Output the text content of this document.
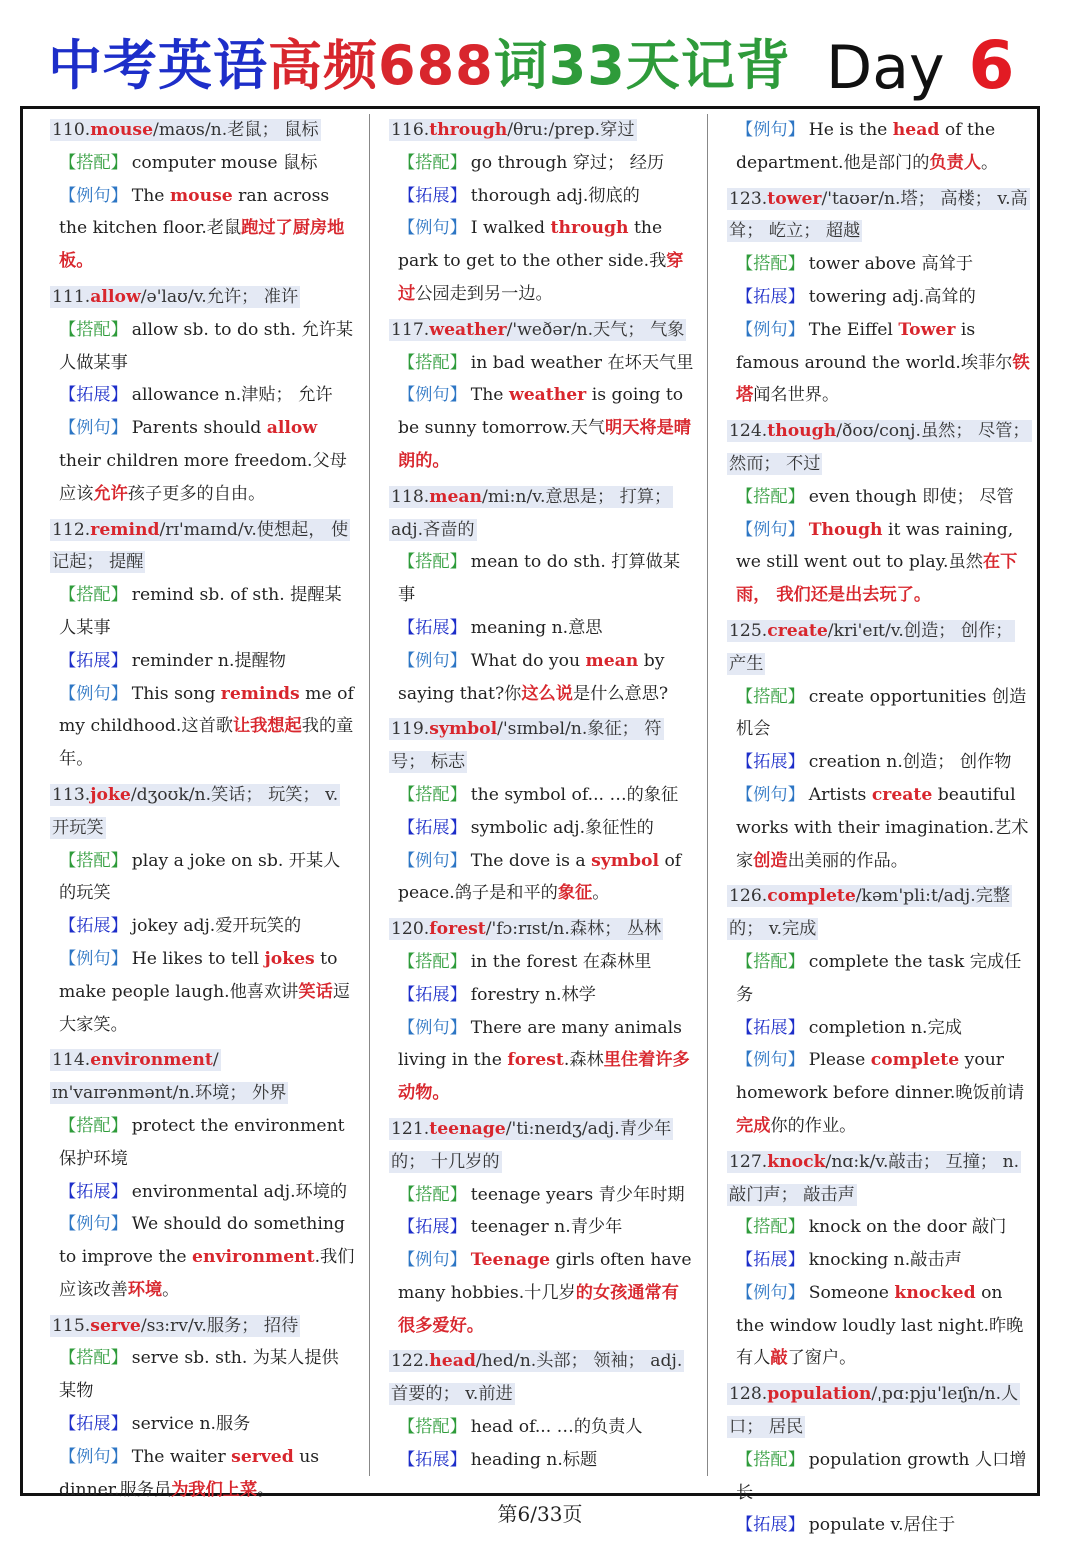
中考英语高频688词33天记背 Day 6
110.mouse/maʊs/n.老鼠； 鼠标
【搭配】 computer mouse 鼠标
【例句】 The mouse ran across the kitchen floor.老鼠跑过了厨房地板。
111.allow/ə'laʊ/v.允许； 准许
【搭配】 allow sb. to do sth. 允许某人做某事
【拓展】 allowance n.津贴； 允许
【例句】 Parents should allow their children more freedom.父母应该允许孩子更多的自由。
112.remind/rɪ'maɪnd/v.使想起， 使记起； 提醒
【搭配】 remind sb. of sth. 提醒某人某事
【拓展】 reminder n.提醒物
【例句】 This song reminds me of my childhood.这首歌让我想起我的童年。
113.joke/dʒoʊk/n.笑话； 玩笑； v.开玩笑
【搭配】 play a joke on sb. 开某人的玩笑
【拓展】 jokey adj.爱开玩笑的
【例句】 He likes to tell jokes to make people laugh.他喜欢讲笑话逗大家笑。
114.environment/ɪn'vaɪrənmənt/n.环境； 外界
【搭配】 protect the environment 保护环境
【拓展】 environmental adj.环境的
【例句】 We should do something to improve the environment.我们应该改善环境。
115.serve/sɜ:rv/v.服务； 招待
【搭配】 serve sb. sth. 为某人提供某物
【拓展】 service n.服务
【例句】 The waiter served us dinner.服务员为我们上菜。
116.through/θru:/prep.穿过
【搭配】 go through 穿过； 经历
【拓展】 thorough adj.彻底的
【例句】 I walked through the park to get to the other side.我穿过公园走到另一边。
117.weather/'weðər/n.天气； 气象
【搭配】 in bad weather 在坏天气里
【例句】 The weather is going to be sunny tomorrow.天气明天将是晴朗的。
118.mean/mi:n/v.意思是； 打算； adj.吝啬的
【搭配】 mean to do sth. 打算做某事
【拓展】 meaning n.意思
【例句】 What do you mean by saying that?你这么说是什么意思?
119.symbol/'sɪmbəl/n.象征； 符号； 标志
【搭配】 the symbol of... …的象征
【拓展】 symbolic adj.象征性的
【例句】 The dove is a symbol of peace.鸽子是和平的象征。
120.forest/'fɔ:rɪst/n.森林； 丛林
【搭配】 in the forest 在森林里
【拓展】 forestry n.林学
【例句】 There are many animals living in the forest.森林里住着许多动物。
121.teenage/'ti:neɪdʒ/adj.青少年的； 十几岁的
【搭配】 teenage years 青少年时期
【拓展】 teenager n.青少年
【例句】 Teenage girls often have many hobbies.十几岁的女孩通常有很多爱好。
122.head/hed/n.头部； 领袖； adj.首要的； v.前进
【搭配】 head of... …的负责人
【拓展】 heading n.标题
【例句】 He is the head of the department.他是部门的负责人。
123.tower/'taʊər/n.塔； 高楼； v.高耸； 屹立； 超越
【搭配】 tower above 高耸于
【拓展】 towering adj.高耸的
【例句】 The Eiffel Tower is famous around the world.埃菲尔铁塔闻名世界。
124.though/ðoʊ/conj.虽然； 尽管； 然而； 不过
【搭配】 even though 即使； 尽管
【例句】 Though it was raining, we still went out to play.虽然在下雨， 我们还是出去玩了。
125.create/kri'eɪt/v.创造； 创作； 产生
【搭配】 create opportunities 创造机会
【拓展】 creation n.创造； 创作物
【例句】 Artists create beautiful works with their imagination.艺术家创造出美丽的作品。
126.complete/kəm'pli:t/adj.完整的； v.完成
【搭配】 complete the task 完成任务
【拓展】 completion n.完成
【例句】 Please complete your homework before dinner.晚饭前请完成你的作业。
127.knock/nɑ:k/v.敲击； 互撞； n.敲门声； 敲击声
【搭配】 knock on the door 敲门
【拓展】 knocking n.敲击声
【例句】 Someone knocked on the window loudly last night.昨晚有人敲了窗户。
128.population/ˌpɑ:pju'leɪʃn/n.人口； 居民
【搭配】 population growth 人口增长
【拓展】 populate v.居住于
第6/33页
